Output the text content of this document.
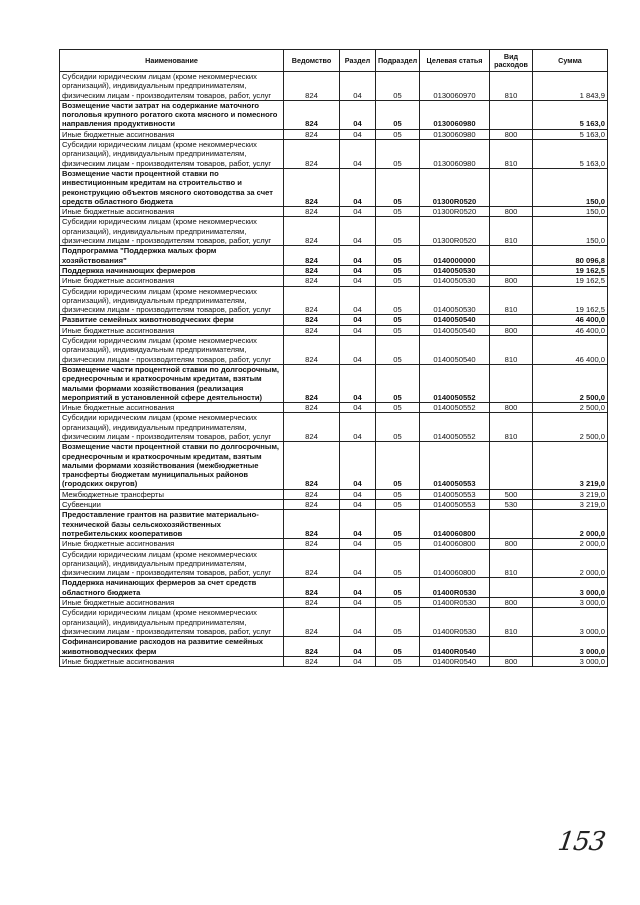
Наименование	Ведомство	Раздел	Подраздел	Целевая статья	Вид расходов	Сумма
Субсидии юридическим лицам (кроме некоммерческих организаций), индивидуальным предпринимателям, физическим лицам - производителям товаров, работ, услуг	824	04	05	0130060970	810	1 843,9
Возмещение части затрат на содержание маточного поголовья крупного рогатого скота мясного и помесного направления продуктивности	824	04	05	0130060980		5 163,0
Иные бюджетные ассигнования	824	04	05	0130060980	800	5 163,0
Субсидии юридическим лицам (кроме некоммерческих организаций), индивидуальным предпринимателям, физическим лицам - производителям товаров, работ, услуг	824	04	05	0130060980	810	5 163,0
Возмещение части процентной ставки по инвестиционным кредитам на строительство и реконструкцию объектов мясного скотоводства за счет средств областного бюджета	824	04	05	01300R0520		150,0
Иные бюджетные ассигнования	824	04	05	01300R0520	800	150,0
Субсидии юридическим лицам (кроме некоммерческих организаций), индивидуальным предпринимателям, физическим лицам - производителям товаров, работ, услуг	824	04	05	01300R0520	810	150,0
Подпрограмма "Поддержка малых форм хозяйствования"	824	04	05	0140000000		80 096,8
Поддержка начинающих фермеров	824	04	05	0140050530		19 162,5
Иные бюджетные ассигнования	824	04	05	0140050530	800	19 162,5
Субсидии юридическим лицам (кроме некоммерческих организаций), индивидуальным предпринимателям, физическим лицам - производителям товаров, работ, услуг	824	04	05	0140050530	810	19 162,5
Развитие семейных животноводческих ферм	824	04	05	0140050540		46 400,0
Иные бюджетные ассигнования	824	04	05	0140050540	800	46 400,0
Субсидии юридическим лицам (кроме некоммерческих организаций), индивидуальным предпринимателям, физическим лицам - производителям товаров, работ, услуг	824	04	05	0140050540	810	46 400,0
Возмещение части процентной ставки по долгосрочным, среднесрочным и краткосрочным кредитам, взятым малыми формами хозяйствования (реализация мероприятий в установленной сфере деятельности)	824	04	05	0140050552		2 500,0
Иные бюджетные ассигнования	824	04	05	0140050552	800	2 500,0
Субсидии юридическим лицам (кроме некоммерческих организаций), индивидуальным предпринимателям, физическим лицам - производителям товаров, работ, услуг	824	04	05	0140050552	810	2 500,0
Возмещение части процентной ставки по долгосрочным, среднесрочным и краткосрочным кредитам, взятым малыми формами хозяйствования (межбюджетные трансферты бюджетам муниципальных районов (городских округов)	824	04	05	0140050553		3 219,0
Межбюджетные трансферты	824	04	05	0140050553	500	3 219,0
Субвенции	824	04	05	0140050553	530	3 219,0
Предоставление грантов на развитие материально-технической базы сельскохозяйственных потребительских кооперативов	824	04	05	0140060800		2 000,0
Иные бюджетные ассигнования	824	04	05	0140060800	800	2 000,0
Субсидии юридическим лицам (кроме некоммерческих организаций), индивидуальным предпринимателям, физическим лицам - производителям товаров, работ, услуг	824	04	05	0140060800	810	2 000,0
Поддержка начинающих фермеров за счет средств областного бюджета	824	04	05	01400R0530		3 000,0
Иные бюджетные ассигнования	824	04	05	01400R0530	800	3 000,0
Субсидии юридическим лицам (кроме некоммерческих организаций), индивидуальным предпринимателям, физическим лицам - производителям товаров, работ, услуг	824	04	05	01400R0530	810	3 000,0
Софинансирование расходов на развитие семейных животноводческих ферм	824	04	05	01400R0540		3 000,0
Иные бюджетные ассигнования	824	04	05	01400R0540	800	3 000,0
153
